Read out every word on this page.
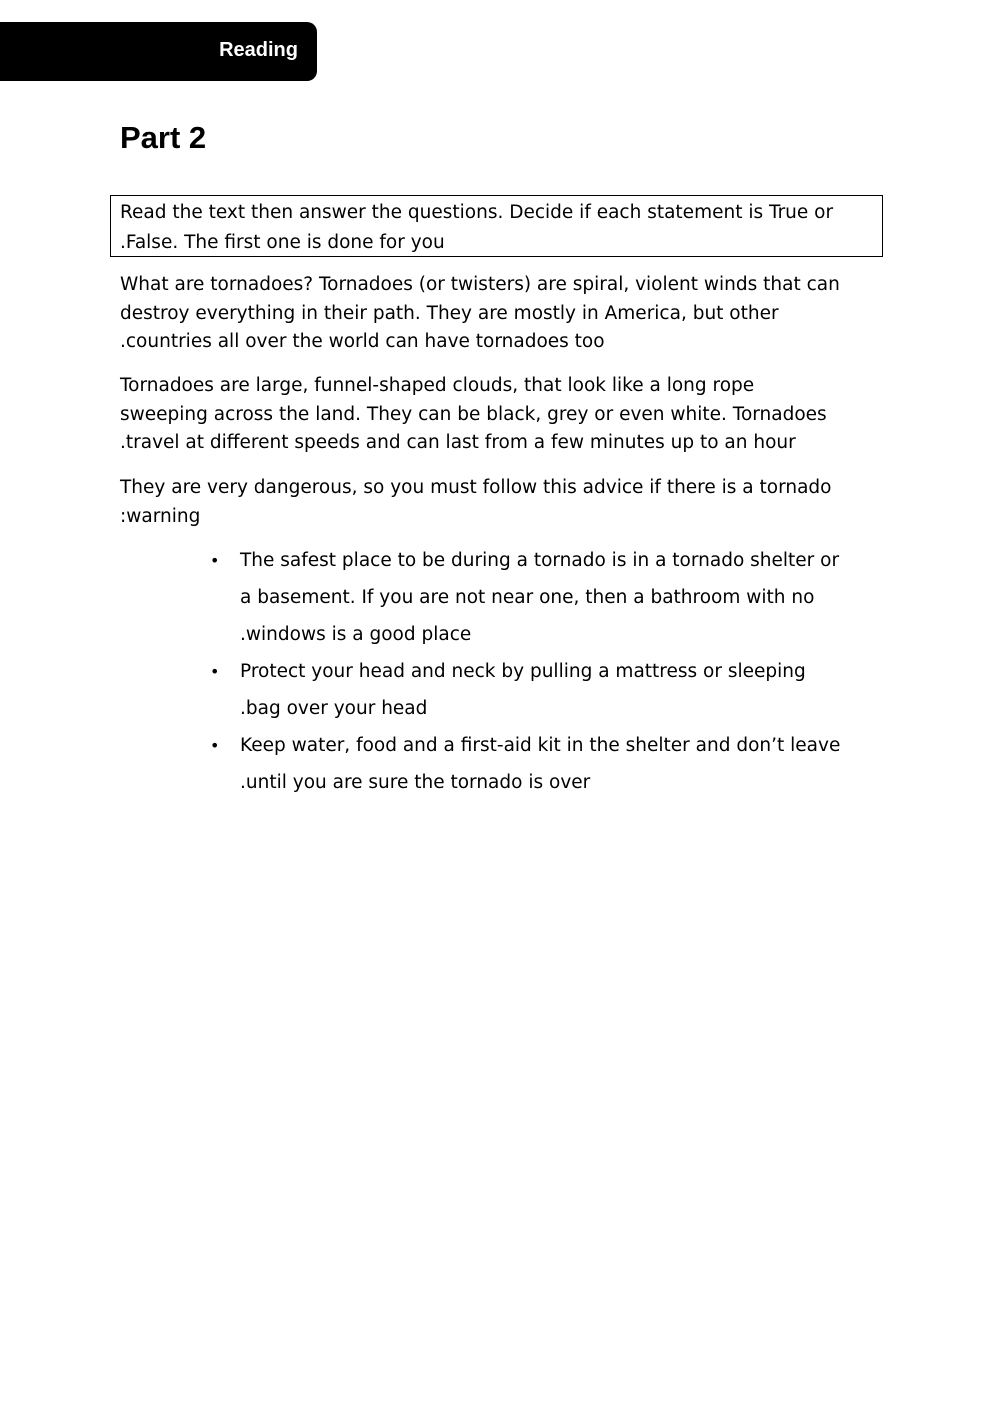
Reading
Part 2
Read the text then answer the questions. Decide if each statement is True or
.False. The first one is done for you
What are tornadoes? Tornadoes (or twisters) are spiral, violent winds that can
destroy everything in their path. They are mostly in America, but other
.countries all over the world can have tornadoes too
Tornadoes are large, funnel-shaped clouds, that look like a long rope
sweeping across the land. They can be black, grey or even white. Tornadoes
.travel at different speeds and can last from a few minutes up to an hour
They are very dangerous, so you must follow this advice if there is a tornado
:warning
• The safest place to be during a tornado is in a tornado shelter or
a basement. If you are not near one, then a bathroom with no
.windows is a good place
• Protect your head and neck by pulling a mattress or sleeping
.bag over your head
• Keep water, food and a first-aid kit in the shelter and don’t leave
.until you are sure the tornado is over
